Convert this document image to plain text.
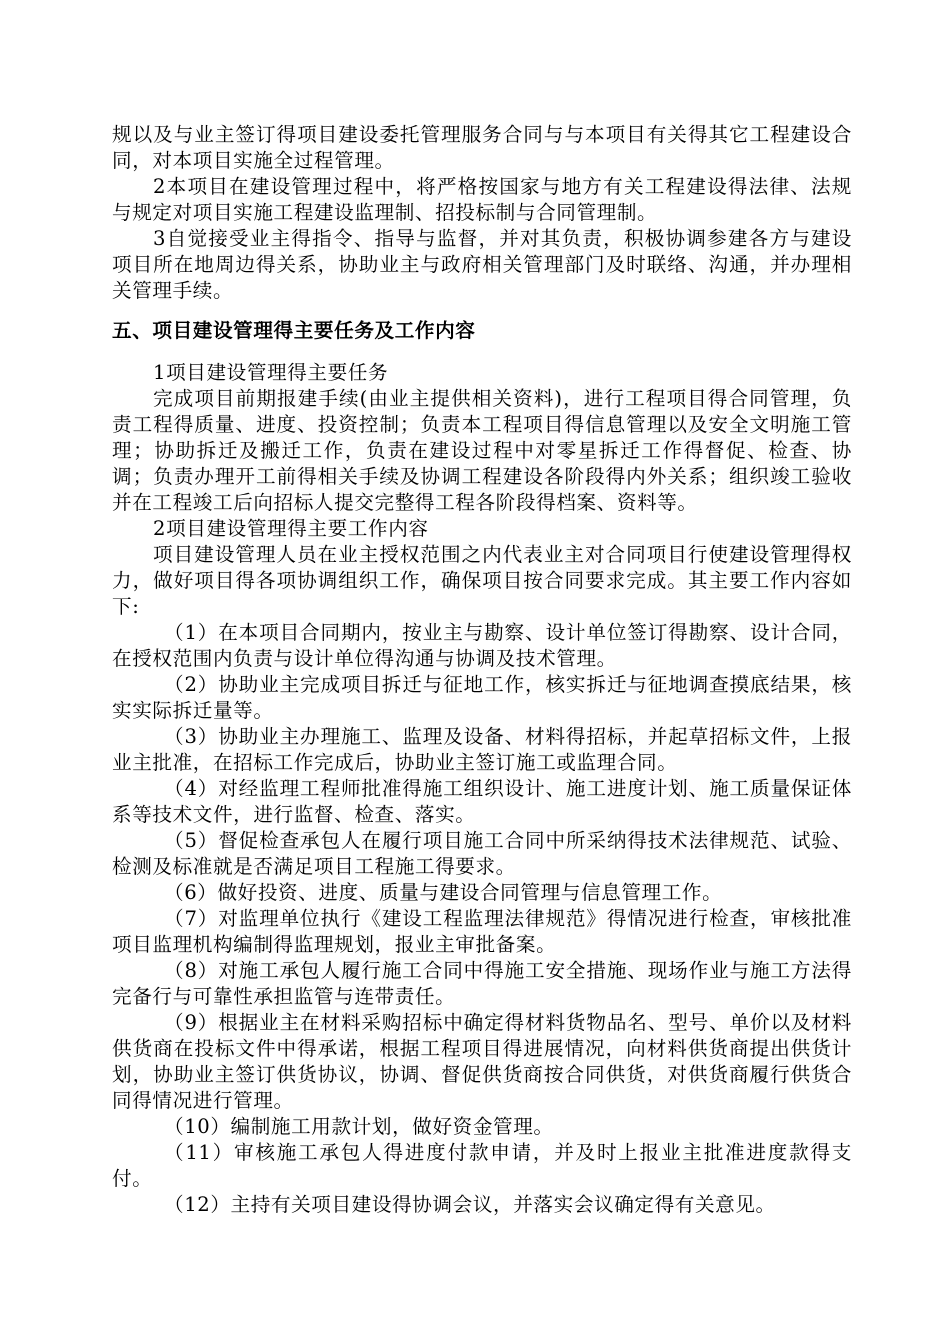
规以及与业主签订得项目建设委托管理服务合同与与本项目有关得其它工程建设合同，对本项目实施全过程管理。

2本项目在建设管理过程中，将严格按国家与地方有关工程建设得法律、法规与规定对项目实施工程建设监理制、招投标制与合同管理制。

3自觉接受业主得指令、指导与监督，并对其负责，积极协调参建各方与建设项目所在地周边得关系，协助业主与政府相关管理部门及时联络、沟通，并办理相关管理手续。

五、项目建设管理得主要任务及工作内容

1项目建设管理得主要任务

完成项目前期报建手续(由业主提供相关资料)，进行工程项目得合同管理，负责工程得质量、进度、投资控制；负责本工程项目得信息管理以及安全文明施工管理；协助拆迁及搬迁工作，负责在建设过程中对零星拆迁工作得督促、检查、协调；负责办理开工前得相关手续及协调工程建设各阶段得内外关系；组织竣工验收并在工程竣工后向招标人提交完整得工程各阶段得档案、资料等。

2项目建设管理得主要工作内容

项目建设管理人员在业主授权范围之内代表业主对合同项目行使建设管理得权力，做好项目得各项协调组织工作，确保项目按合同要求完成。其主要工作内容如下:

（1）在本项目合同期内，按业主与勘察、设计单位签订得勘察、设计合同，在授权范围内负责与设计单位得沟通与协调及技术管理。

（2）协助业主完成项目拆迁与征地工作，核实拆迁与征地调查摸底结果，核实实际拆迁量等。

（3）协助业主办理施工、监理及设备、材料得招标，并起草招标文件，上报业主批准，在招标工作完成后，协助业主签订施工或监理合同。

（4）对经监理工程师批准得施工组织设计、施工进度计划、施工质量保证体系等技术文件，进行监督、检查、落实。

（5）督促检查承包人在履行项目施工合同中所采纳得技术法律规范、试验、检测及标准就是否满足项目工程施工得要求。

（6）做好投资、进度、质量与建设合同管理与信息管理工作。

（7）对监理单位执行《建设工程监理法律规范》得情况进行检查，审核批准项目监理机构编制得监理规划，报业主审批备案。

（8）对施工承包人履行施工合同中得施工安全措施、现场作业与施工方法得完备行与可靠性承担监管与连带责任。

（9）根据业主在材料采购招标中确定得材料货物品名、型号、单价以及材料供货商在投标文件中得承诺，根据工程项目得进展情况，向材料供货商提出供货计划，协助业主签订供货协议，协调、督促供货商按合同供货，对供货商履行供货合同得情况进行管理。

（10）编制施工用款计划，做好资金管理。

（11）审核施工承包人得进度付款申请，并及时上报业主批准进度款得支付。

（12）主持有关项目建设得协调会议，并落实会议确定得有关意见。
